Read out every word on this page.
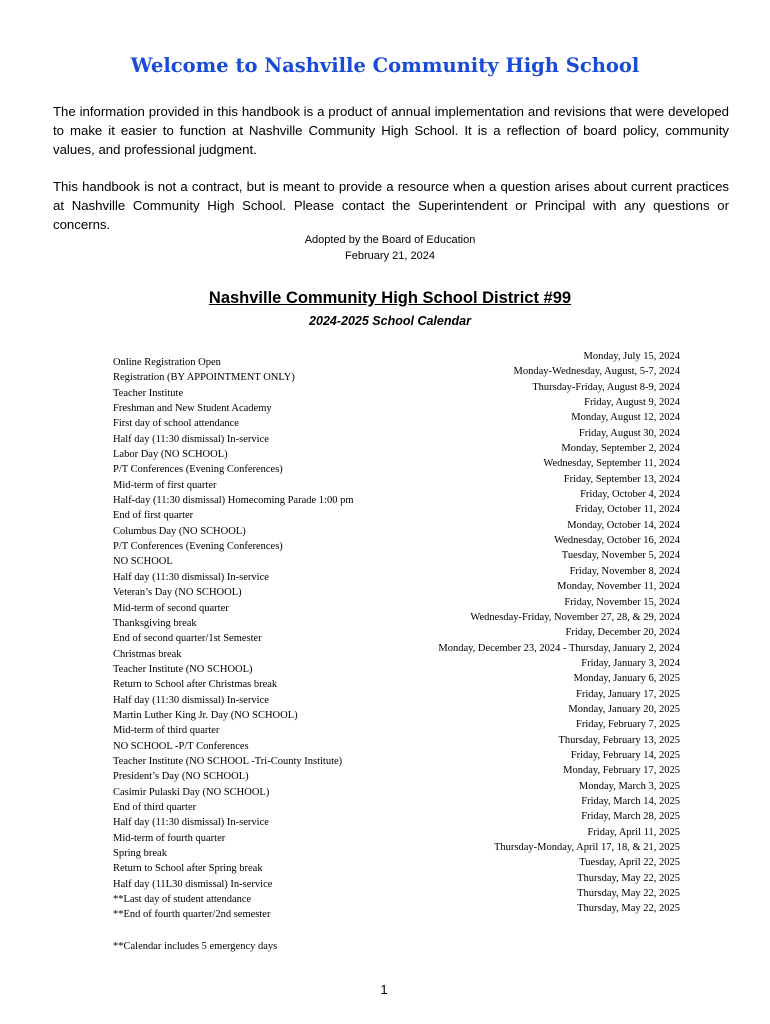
Welcome to Nashville Community High School

The information provided in this handbook is a product of annual implementation and revisions that were developed to make it easier to function at Nashville Community High School. It is a reflection of board policy, community values, and professional judgment.

This handbook is not a contract, but is meant to provide a resource when a question arises about current practices at Nashville Community High School. Please contact the Superintendent or Principal with any questions or concerns.

Adopted by the Board of Education

February 21, 2024

Nashville Community High School District #99
2024-2025 School Calendar
Online Registration Open
Registration (BY APPOINTMENT ONLY)
Teacher Institute
Freshman and New Student Academy
First day of school attendance
Half day (11:30 dismissal) In-service
Labor Day (NO SCHOOL)
P/T Conferences (Evening Conferences)
Mid-term of first quarter
Half-day (11:30 dismissal) Homecoming Parade 1:00 pm
End of first quarter
Columbus Day (NO SCHOOL)
P/T Conferences (Evening Conferences)
NO SCHOOL
Half day (11:30 dismissal) In-service
Veteran’s Day (NO SCHOOL)
Mid-term of second quarter
Thanksgiving break
End of second quarter/1st Semester
Christmas break
Teacher Institute (NO SCHOOL)
Return to School after Christmas break
Half day (11:30 dismissal) In-service
Martin Luther King Jr. Day (NO SCHOOL)
Mid-term of third quarter
NO SCHOOL -P/T Conferences
Teacher Institute (NO SCHOOL -Tri-County Institute)
President’s Day (NO SCHOOL)
Casimir Pulaski Day (NO SCHOOL)
End of third quarter
Half day (11:30 dismissal) In-service
Mid-term of fourth quarter
Spring break
Return to School after Spring break
Half day (11L30 dismissal) In-service
**Last day of student attendance
**End of fourth quarter/2nd semester
Monday, July 15, 2024
Monday-Wednesday, August, 5-7, 2024
Thursday-Friday, August 8-9, 2024
Friday, August 9, 2024
Monday, August 12, 2024
Friday, August 30, 2024
Monday, September 2, 2024
Wednesday, September 11, 2024
Friday, September 13, 2024
Friday, October 4, 2024
Friday, October 11, 2024
Monday, October 14, 2024
Wednesday, October 16, 2024
Tuesday, November 5, 2024
Friday, November 8, 2024
Monday, November 11, 2024
Friday, November 15, 2024
Wednesday-Friday, November 27, 28, & 29, 2024
Friday, December 20, 2024
Monday, December 23, 2024 - Thursday, January 2, 2024
Friday, January 3, 2024
Monday, January 6, 2025
Friday, January 17, 2025
Monday, January 20, 2025
Friday, February 7, 2025
Thursday, February 13, 2025
Friday, February 14, 2025
Monday, February 17, 2025
Monday, March 3, 2025
Friday, March 14, 2025
Friday, March 28, 2025
Friday, April 11, 2025
Thursday-Monday, April 17, 18, & 21, 2025
Tuesday, April 22, 2025
Thursday, May 22, 2025
Thursday, May 22, 2025
Thursday, May 22, 2025

**Calendar includes 5 emergency days

1
